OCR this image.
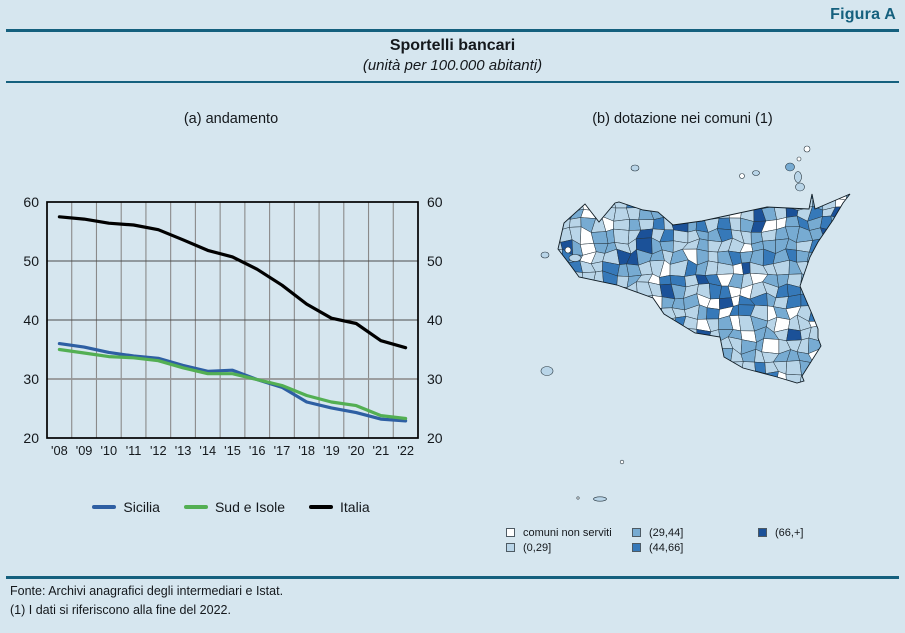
Figura A
Sportelli bancari
(unità per 100.000 abitanti)
(a) andamento	(b) dotazione nei comuni (1)
20	20
30	30
40	40
50	50
60	60
'08 '09 '10 '11 '12 '13 '14 '15 '16 '17 '18 '19 '20 '21 '22
Sicilia	Sud e Isole	Italia
comuni non serviti
(0,29]
(29,44]
(44,66]
(66,+]
Fonte: Archivi anagrafici degli intermediari e Istat.
(1) I dati si riferiscono alla fine del 2022.
